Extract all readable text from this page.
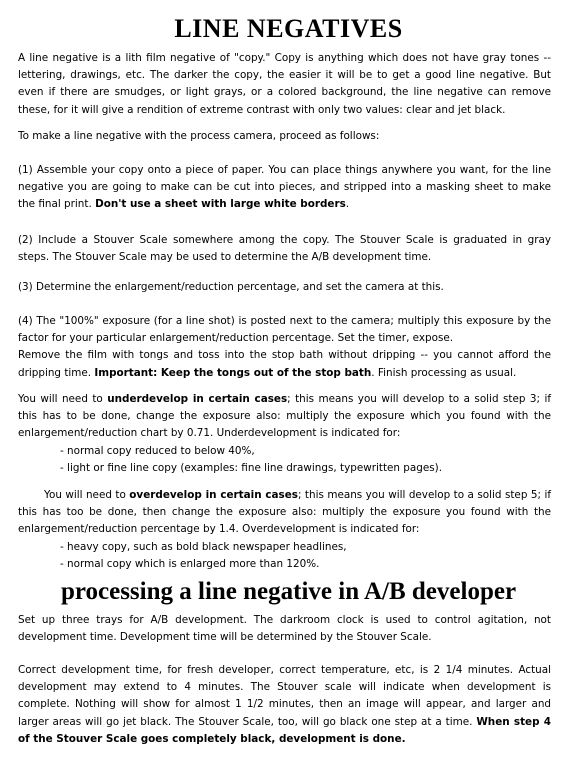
LINE NEGATIVES

A line negative is a lith film negative of "copy." Copy is anything which does not have gray tones -- lettering, drawings, etc. The darker the copy, the easier it will be to get a good line negative. But even if there are smudges, or light grays, or a colored background, the line negative can remove these, for it will give a rendition of extreme contrast with only two values: clear and jet black.

To make a line negative with the process camera, proceed as follows:

(1) Assemble your copy onto a piece of paper. You can place things anywhere you want, for the line negative you are going to make can be cut into pieces, and stripped into a masking sheet to make the final print. Don't use a sheet with large white borders.

(2) Include a Stouver Scale somewhere among the copy. The Stouver Scale is graduated in gray steps. The Stouver Scale may be used to determine the A/B development time.

(3) Determine the enlargement/reduction percentage, and set the camera at this.

(4) The "100%" exposure (for a line shot) is posted next to the camera; multiply this exposure by the factor for your particular enlargement/reduction percentage. Set the timer, expose.
Remove the film with tongs and toss into the stop bath without dripping -- you cannot afford the dripping time. Important: Keep the tongs out of the stop bath. Finish processing as usual.

You will need to underdevelop in certain cases; this means you will develop to a solid step 3; if this has to be done, change the exposure also: multiply the exposure which you found with the enlargement/reduction chart by 0.71. Underdevelopment is indicated for:
- normal copy reduced to below 40%,
- light or fine line copy (examples: fine line drawings, typewritten pages).

You will need to overdevelop in certain cases; this means you will develop to a solid step 5; if this has too be done, then change the exposure also: multiply the exposure you found with the enlargement/reduction percentage by 1.4. Overdevelopment is indicated for:
- heavy copy, such as bold black newspaper headlines,
- normal copy which is enlarged more than 120%.

processing a line negative in A/B developer

Set up three trays for A/B development. The darkroom clock is used to control agitation, not development time. Development time will be determined by the Stouver Scale.

Correct development time, for fresh developer, correct temperature, etc, is 2 1/4 minutes. Actual development may extend to 4 minutes. The Stouver scale will indicate when development is complete. Nothing will show for almost 1 1/2 minutes, then an image will appear, and larger and larger areas will go jet black. The Stouver Scale, too, will go black one step at a time. When step 4 of the Stouver Scale goes completely black, development is done.
